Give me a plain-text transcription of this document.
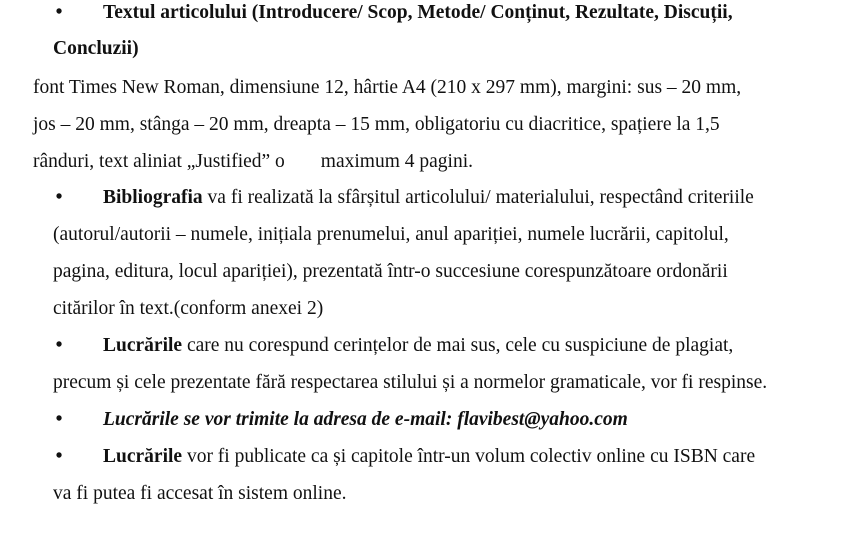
• Textul articolului (Introducere/ Scop, Metode/ Conținut, Rezultate, Discuții,
Concluzii)
font Times New Roman, dimensiune 12, hârtie A4 (210 x 297 mm), margini: sus – 20 mm,
jos – 20 mm, stânga – 20 mm, dreapta – 15 mm, obligatoriu cu diacritice, spațiere la 1,5
rânduri, text aliniat „Justified” o maximum 4 pagini.
• Bibliografia va fi realizată la sfârșitul articolului/ materialului, respectând criteriile
(autorul/autorii – numele, inițiala prenumelui, anul apariției, numele lucrării, capitolul,
pagina, editura, locul apariției), prezentată într-o succesiune corespunzătoare ordonării
citărilor în text.(conform anexei 2)
• Lucrările care nu corespund cerințelor de mai sus, cele cu suspiciune de plagiat,
precum și cele prezentate fără respectarea stilului și a normelor gramaticale, vor fi respinse.
• Lucrările se vor trimite la adresa de e-mail: flavibest@yahoo.com
• Lucrările vor fi publicate ca și capitole într-un volum colectiv online cu ISBN care
va fi putea fi accesat în sistem online.
